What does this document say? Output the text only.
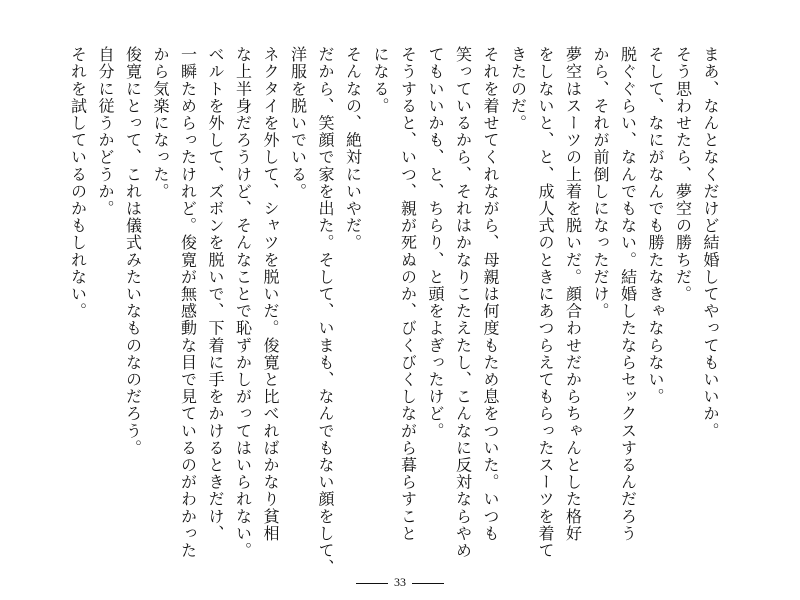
まあ、なんとなくだけど結婚してやってもいいか。
そう思わせたら、夢空の勝ちだ。
そして、なにがなんでも勝たなきゃならない。
脱ぐぐらい、なんでもない。結婚したならセックスするんだろう
から、それが前倒しになっただけ。
夢空はスーツの上着を脱いだ。顔合わせだからちゃんとした格好
をしないと、と、成人式のときにあつらえてもらったスーツを着て
きたのだ。
それを着せてくれながら、母親は何度もため息をついた。いつも
笑っているから、それはかなりこたえたし、こんなに反対ならやめ
てもいいかも、と、ちらり、と頭をよぎったけど。
そうすると、いつ、親が死ぬのか、びくびくしながら暮らすこと
になる。
そんなの、絶対にいやだ。
だから、笑顔で家を出た。そして、いまも、なんでもない顔をして、
洋服を脱いでいる。
ネクタイを外して、シャツを脱いだ。俊寛と比べればかなり貧相
な上半身だろうけど、そんなことで恥ずかしがってはいられない。
ベルトを外して、ズボンを脱いで、下着に手をかけるときだけ、
一瞬ためらったけれど。俊寛が無感動な目で見ているのがわかった
から気楽になった。
俊寛にとって、これは儀式みたいなものなのだろう。
自分に従うかどうか。
それを試しているのかもしれない。
33
